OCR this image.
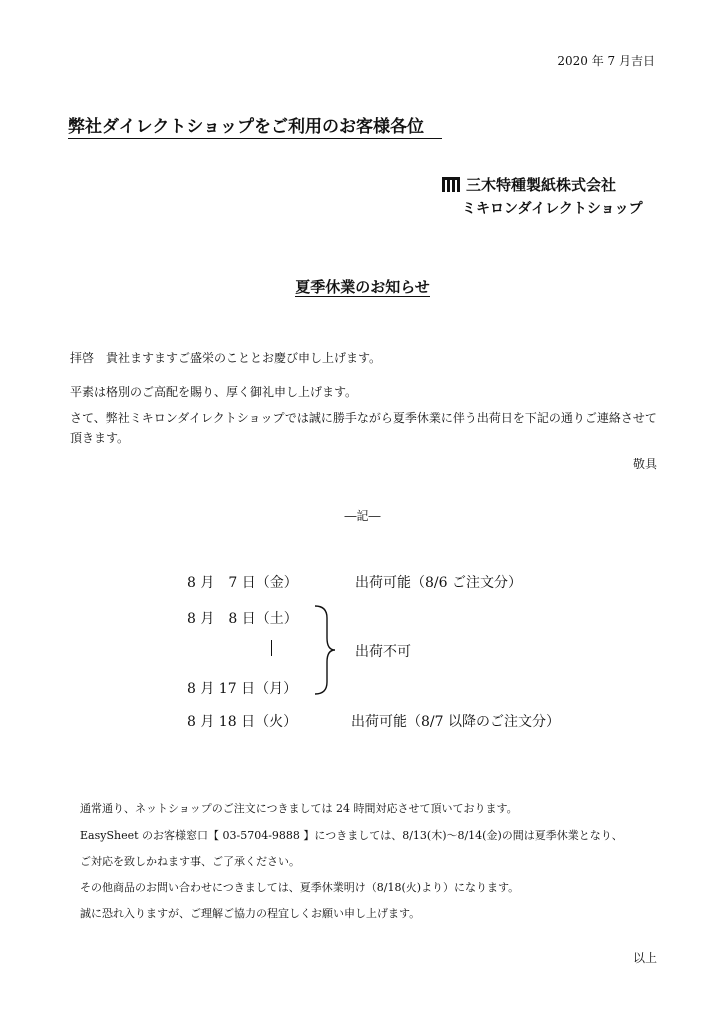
2020 年 7 月吉日
弊社ダイレクトショップをご利用のお客様各位
三木特種製紙株式会社
ミキロンダイレクトショップ
夏季休業のお知らせ
拝啓　貴社ますますご盛栄のこととお慶び申し上げます。
平素は格別のご高配を賜り、厚く御礼申し上げます。
さて、弊社ミキロンダイレクトショップでは誠に勝手ながら夏季休業に伴う出荷日を下記の通りご連絡させて頂きます。
敬具
―記―
8 月　7 日（金）	出荷可能（8/6 ご注文分）
8 月　8 日（土）
出荷不可
8 月 17 日（月）
8 月 18 日（火）	出荷可能（8/7 以降のご注文分）
通常通り、ネットショップのご注文につきましては 24 時間対応させて頂いております。
EasySheet のお客様窓口【 03-5704-9888 】につきましては、8/13(木)～8/14(金)の間は夏季休業となり、
ご対応を致しかねます事、ご了承ください。
その他商品のお問い合わせにつきましては、夏季休業明け（8/18(火)より）になります。
誠に恐れ入りますが、ご理解ご協力の程宜しくお願い申し上げます。
以上
